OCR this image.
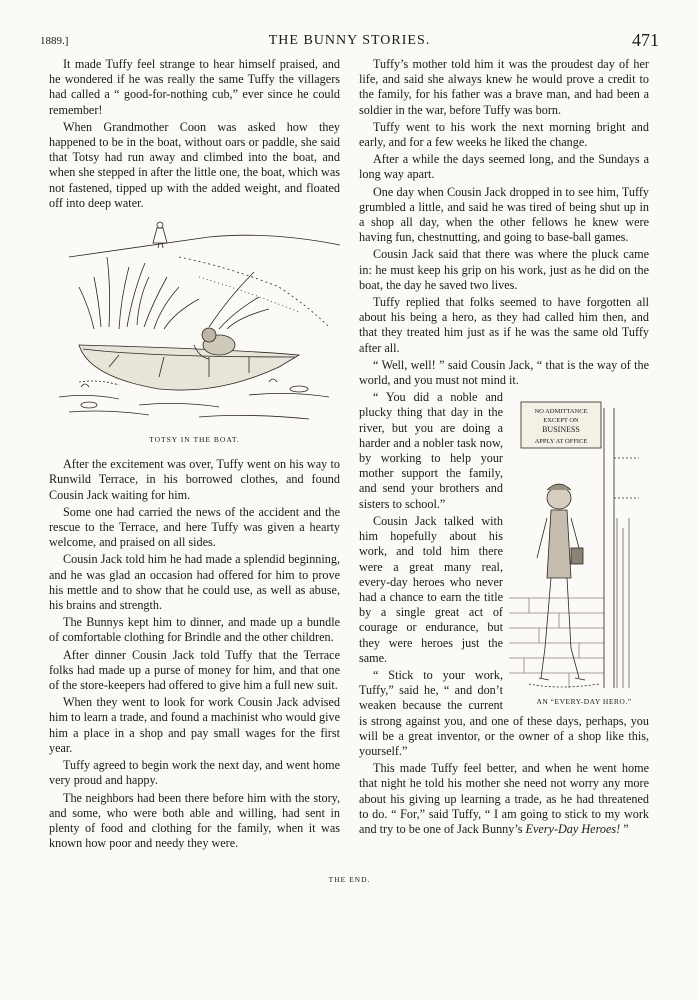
1889.]	THE BUNNY STORIES.	471

It made Tuffy feel strange to hear himself praised, and he wondered if he was really the same Tuffy the villagers had called a “ good-for-nothing cub,” ever since he could remember!

When Grandmother Coon was asked how they happened to be in the boat, without oars or paddle, she said that Totsy had run away and climbed into the boat, and when she stepped in after the little one, the boat, which was not fastened, tipped up with the added weight, and floated off into deep water.

TOTSY IN THE BOAT.

After the excitement was over, Tuffy went on his way to Runwild Terrace, in his borrowed clothes, and found Cousin Jack waiting for him.

Some one had carried the news of the accident and the rescue to the Terrace, and here Tuffy was given a hearty welcome, and praised on all sides.

Cousin Jack told him he had made a splendid beginning, and he was glad an occasion had offered for him to prove his mettle and to show that he could use, as well as abuse, his brains and strength.

The Bunnys kept him to dinner, and made up a bundle of comfortable clothing for Brindle and the other children.

After dinner Cousin Jack told Tuffy that the Terrace folks had made up a purse of money for him, and that one of the store-keepers had offered to give him a full new suit.

When they went to look for work Cousin Jack advised him to learn a trade, and found a machinist who would give him a place in a shop and pay small wages for the first year.

Tuffy agreed to begin work the next day, and went home very proud and happy.

The neighbors had been there before him with the story, and some, who were both able and willing, had sent in plenty of food and clothing for the family, when it was known how poor and needy they were.

Tuffy’s mother told him it was the proudest day of her life, and said she always knew he would prove a credit to the family, for his father was a brave man, and had been a soldier in the war, before Tuffy was born.

Tuffy went to his work the next morning bright and early, and for a few weeks he liked the change.

After a while the days seemed long, and the Sundays a long way apart.

One day when Cousin Jack dropped in to see him, Tuffy grumbled a little, and said he was tired of being shut up in a shop all day, when the other fellows he knew were having fun, chestnutting, and going to base-ball games.

Cousin Jack said that there was where the pluck came in: he must keep his grip on his work, just as he did on the boat, the day he saved two lives.

Tuffy replied that folks seemed to have forgotten all about his being a hero, as they had called him then, and that they treated him just as if he was the same old Tuffy after all.

“ Well, well! ” said Cousin Jack, “ that is the way of the world, and you must not mind it.

NO ADMITTANCE
EXCEPT ON
BUSINESS
APPLY AT OFFICE
AN “EVERY-DAY HERO.”

“ You did a noble and plucky thing that day in the river, but you are doing a harder and a nobler task now, by working to help your mother support the family, and send your brothers and sisters to school.”

Cousin Jack talked with him hopefully about his work, and told him there were a great many real, every-day heroes who never had a chance to earn the title by a single great act of courage or endurance, but they were heroes just the same.

“ Stick to your work, Tuffy,” said he, “ and don’t weaken because the current is strong against you, and one of these days, perhaps, you will be a great inventor, or the owner of a shop like this, yourself.”

This made Tuffy feel better, and when he went home that night he told his mother she need not worry any more about his giving up learning a trade, as he had threatened to do. “ For,” said Tuffy, “ I am going to stick to my work and try to be one of Jack Bunny’s Every-Day Heroes! ”

THE END.
